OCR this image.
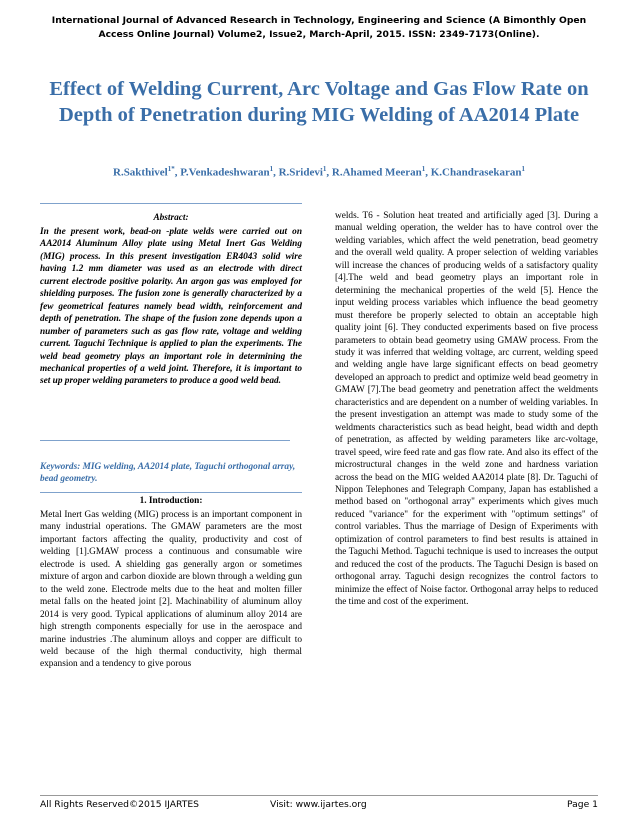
International Journal of Advanced Research in Technology, Engineering and Science (A Bimonthly Open Access Online Journal) Volume2, Issue2, March-April, 2015. ISSN: 2349-7173(Online).
Effect of Welding Current, Arc Voltage and Gas Flow Rate on Depth of Penetration during MIG Welding of AA2014 Plate
R.Sakthivel$^{1*}$, P.Venkadeshwaran$^1$, R.Sridevi$^1$, R.Ahamed Meeran$^1$, K.Chandrasekaran$^1$
Abstract:
In the present work, bead-on -plate welds were carried out on AA2014 Aluminum Alloy plate using Metal Inert Gas Welding (MIG) process. In this present investigation ER4043 solid wire having 1.2 mm diameter was used as an electrode with direct current electrode positive polarity. An argon gas was employed for shielding purposes. The fusion zone is generally characterized by a few geometrical features namely bead width, reinforcement and depth of penetration. The shape of the fusion zone depends upon a number of parameters such as gas flow rate, voltage and welding current. Taguchi Technique is applied to plan the experiments. The weld bead geometry plays an important role in determining the mechanical properties of a weld joint. Therefore, it is important to set up proper welding parameters to produce a good weld bead.
Keywords: MIG welding, AA2014 plate, Taguchi orthogonal array, bead geometry.
1. Introduction:
Metal Inert Gas welding (MIG) process is an important component in many industrial operations. The GMAW parameters are the most important factors affecting the quality, productivity and cost of welding [1].GMAW process a continuous and consumable wire electrode is used. A shielding gas generally argon or sometimes mixture of argon and carbon dioxide are blown through a welding gun to the weld zone. Electrode melts due to the heat and molten filler metal falls on the heated joint [2]. Machinability of aluminum alloy 2014 is very good. Typical applications of aluminum alloy 2014 are high strength components especially for use in the aerospace and marine industries .The aluminum alloys and copper are difficult to weld because of the high thermal conductivity, high thermal expansion and a tendency to give porous
welds. T6 - Solution heat treated and artificially aged [3]. During a manual welding operation, the welder has to have control over the welding variables, which affect the weld penetration, bead geometry and the overall weld quality. A proper selection of welding variables will increase the chances of producing welds of a satisfactory quality [4].The weld and bead geometry plays an important role in determining the mechanical properties of the weld [5]. Hence the input welding process variables which influence the bead geometry must therefore be properly selected to obtain an acceptable high quality joint [6]. They conducted experiments based on five process parameters to obtain bead geometry using GMAW process. From the study it was inferred that welding voltage, arc current, welding speed and welding angle have large significant effects on bead geometry developed an approach to predict and optimize weld bead geometry in GMAW [7].The bead geometry and penetration affect the weldments characteristics and are dependent on a number of welding variables. In the present investigation an attempt was made to study some of the weldments characteristics such as bead height, bead width and depth of penetration, as affected by welding parameters like arc-voltage, travel speed, wire feed rate and gas flow rate. And also its effect of the microstructural changes in the weld zone and hardness variation across the bead on the MIG welded AA2014 plate [8]. Dr. Taguchi of Nippon Telephones and Telegraph Company, Japan has established a method based on "orthogonal array" experiments which gives much reduced "variance" for the experiment with "optimum settings" of control variables. Thus the marriage of Design of Experiments with optimization of control parameters to find best results is attained in the Taguchi Method. Taguchi technique is used to increases the output and reduced the cost of the products. The Taguchi Design is based on orthogonal array. Taguchi design recognizes the control factors to minimize the effect of Noise factor. Orthogonal array helps to reduced the time and cost of the experiment.
All Rights Reserved©2015 IJARTES	Visit: www.ijartes.org	Page 1
